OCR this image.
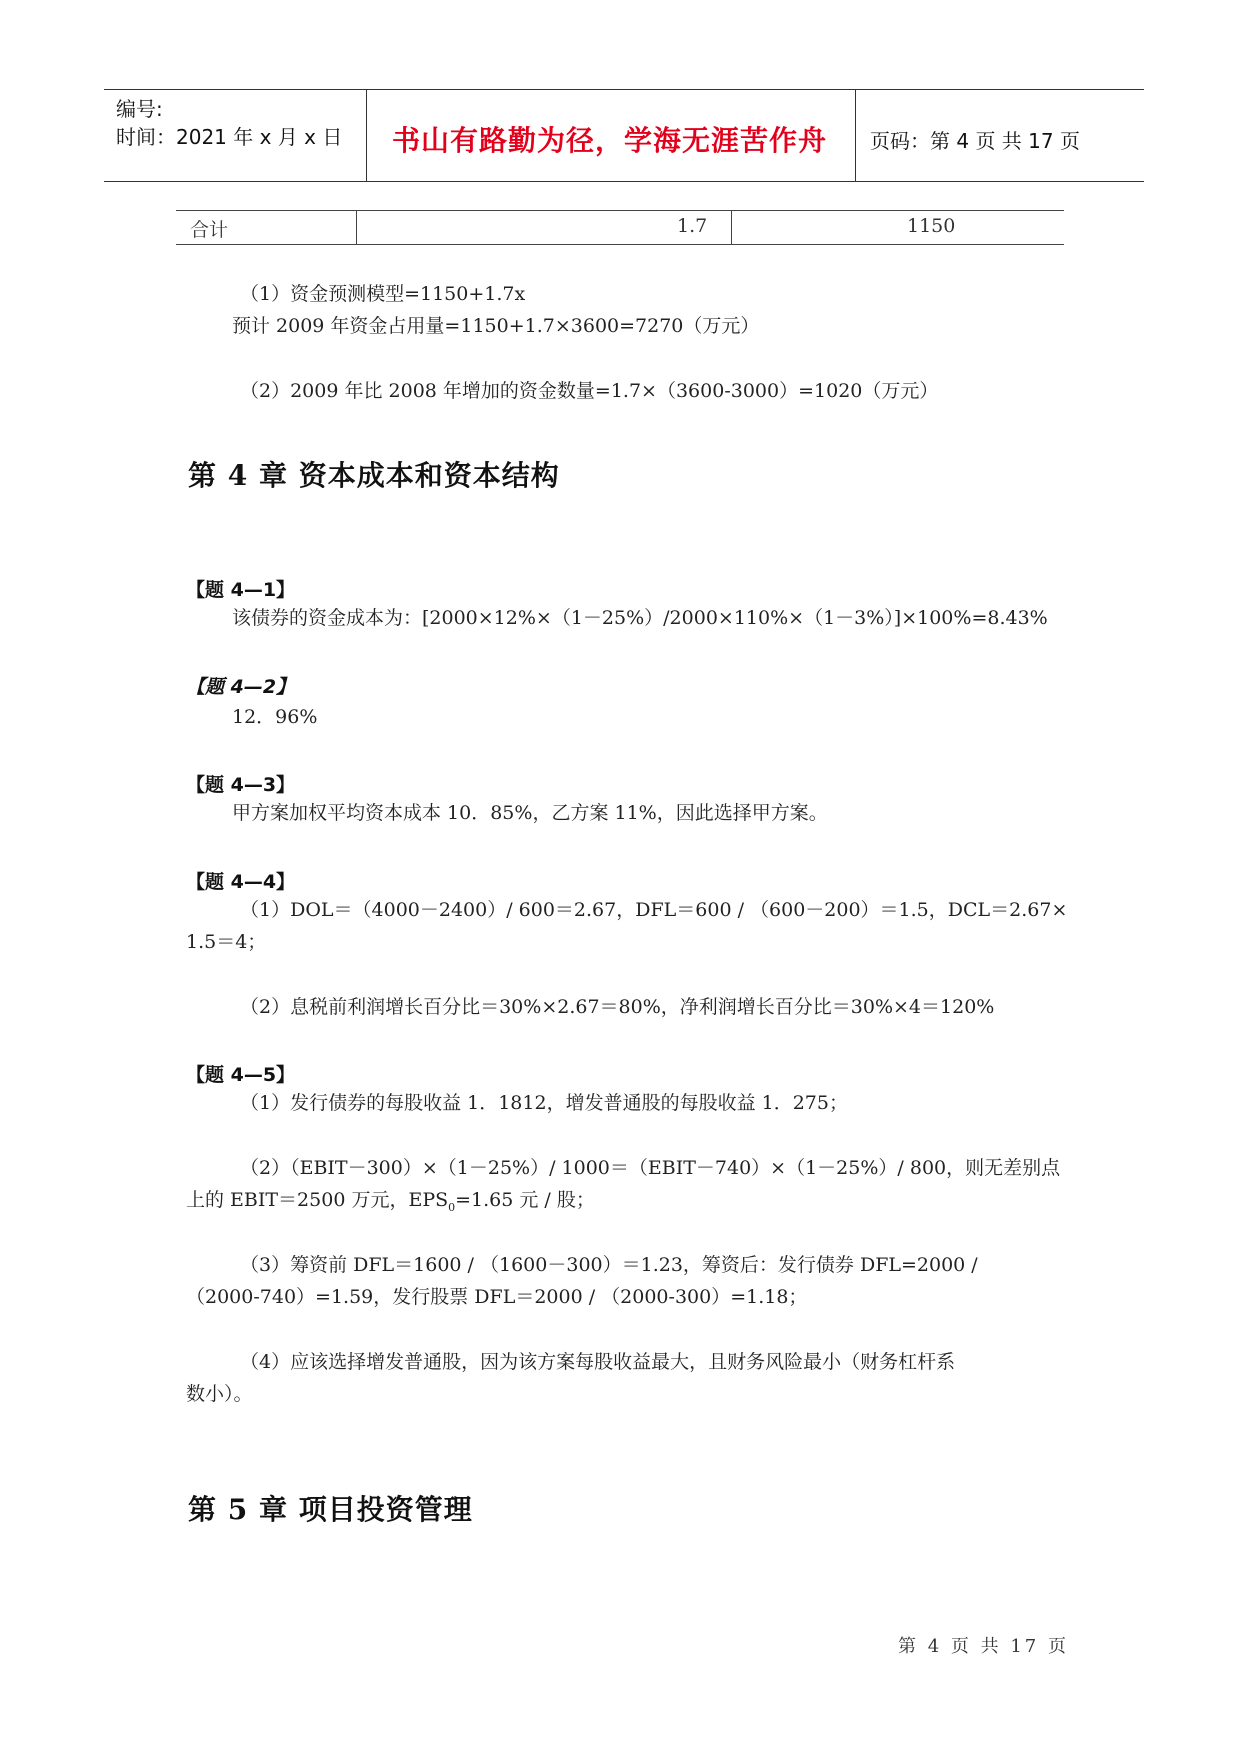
编号:
时间：2021 年 x 月 x 日 书山有路勤为径，学海无涯苦作舟 页码：第 4 页 共 17 页
合计	1.7	1150
（1）资金预测模型=1150+1.7x
预计 2009 年资金占用量=1150+1.7×3600=7270（万元）
（2）2009 年比 2008 年增加的资金数量=1.7×（3600-3000）=1020（万元）
第 4 章 资本成本和资本结构
【题 4—1】
该债券的资金成本为：[2000×12%×（1－25%）/2000×110%×（1－3%）]×100%=8.43%
【题 4—2】
12．96%
【题 4—3】
甲方案加权平均资本成本 10．85%，乙方案 11%，因此选择甲方案。
【题 4—4】
（1）DOL＝（4000－2400）/ 600＝2.67，DFL＝600 / （600－200）＝1.5，DCL＝2.67×
1.5＝4；
（2）息税前利润增长百分比＝30%×2.67＝80%，净利润增长百分比＝30%×4＝120%
【题 4—5】
（1）发行债券的每股收益 1．1812，增发普通股的每股收益 1．275；
（2）（EBIT－300）×（1－25%）/ 1000＝（EBIT－740）×（1－25%）/ 800，则无差别点
上的 EBIT＝2500 万元，$EPS_0=1.65$ 元 / 股；
（3）筹资前 DFL＝1600 / （1600－300）＝1.23，筹资后：发行债券 DFL=2000 /
（2000-740）=1.59，发行股票 DFL＝2000 / （2000-300）=1.18；
（4）应该选择增发普通股，因为该方案每股收益最大，且财务风险最小（财务杠杆系
数小）。
第 5 章 项目投资管理
第 4 页 共 17 页
